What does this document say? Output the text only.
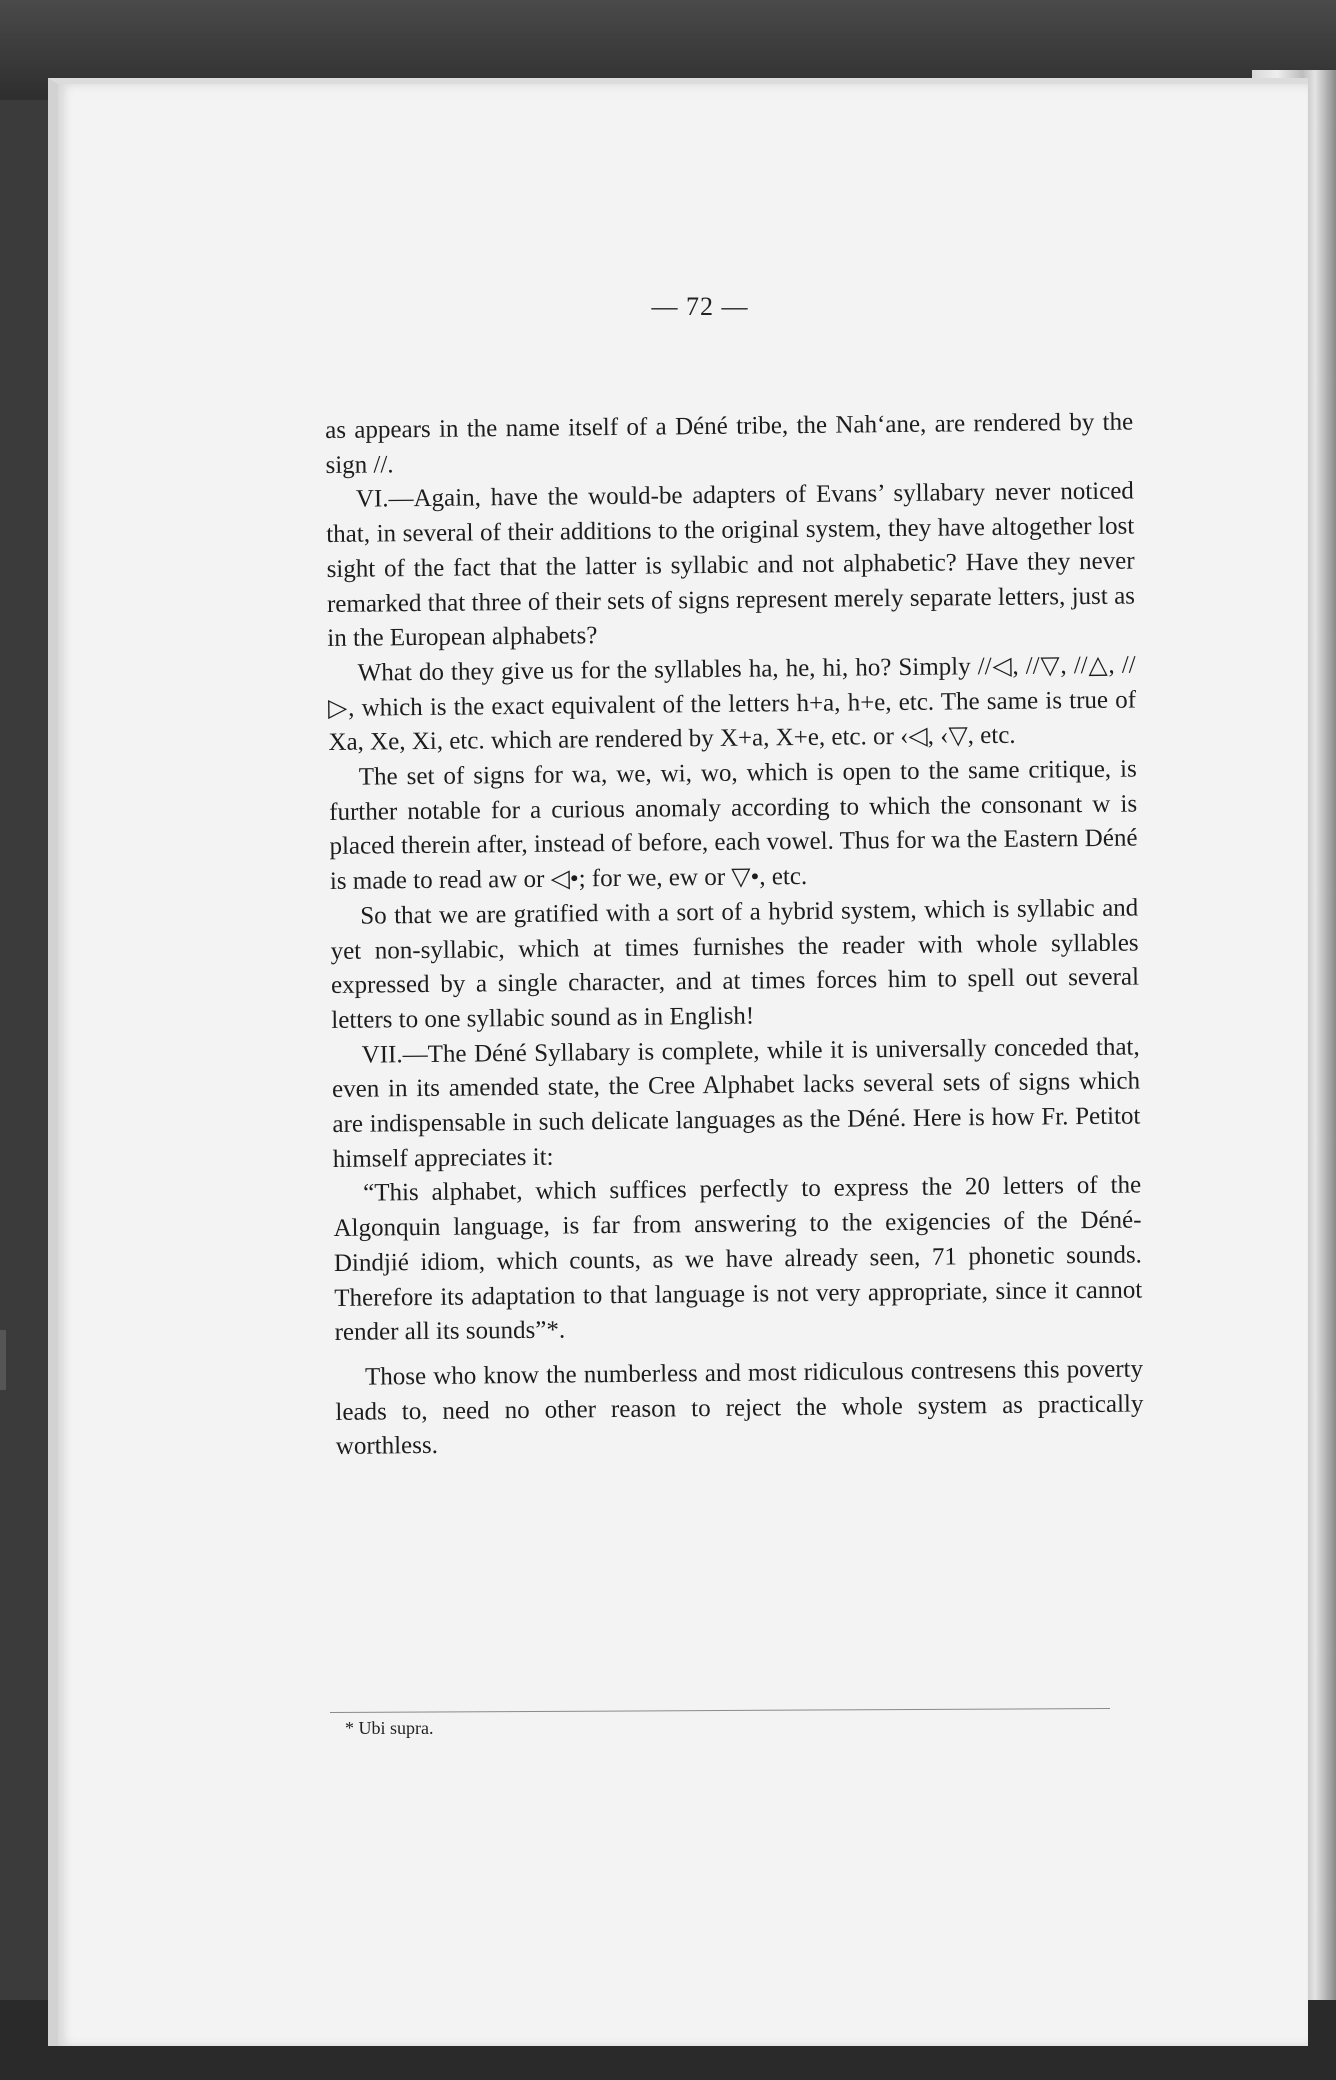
— 72 —

as appears in the name itself of a Déné tribe, the Nah‘ane, are rendered by the sign //.

VI.—Again, have the would-be adapters of Evans’ syllabary never noticed that, in several of their additions to the original system, they have altogether lost sight of the fact that the latter is syllabic and not alphabetic? Have they never remarked that three of their sets of signs represent merely separate letters, just as in the European alphabets?

What do they give us for the syllables ha, he, hi, ho? Simply //◁, //▽, //△, //▷, which is the exact equivalent of the letters h+a, h+e, etc. The same is true of Xa, Xe, Xi, etc. which are rendered by X+a, X+e, etc. or ‹◁, ‹▽, etc.

The set of signs for wa, we, wi, wo, which is open to the same critique, is further notable for a curious anomaly according to which the consonant w is placed therein after, instead of before, each vowel. Thus for wa the Eastern Déné is made to read aw or ◁•; for we, ew or ▽•, etc.

So that we are gratified with a sort of a hybrid system, which is syllabic and yet non-syllabic, which at times furnishes the reader with whole syllables expressed by a single character, and at times forces him to spell out several letters to one syllabic sound as in English!

VII.—The Déné Syllabary is complete, while it is universally conceded that, even in its amended state, the Cree Alphabet lacks several sets of signs which are indispensable in such delicate languages as the Déné. Here is how Fr. Petitot himself appreciates it:

“This alphabet, which suffices perfectly to express the 20 letters of the Algonquin language, is far from answering to the exigencies of the Déné-Dindjié idiom, which counts, as we have already seen, 71 phonetic sounds. Therefore its adaptation to that language is not very appropriate, since it cannot render all its sounds”*.

Those who know the numberless and most ridiculous contresens this poverty leads to, need no other reason to reject the whole system as practically worthless.

* Ubi supra.
